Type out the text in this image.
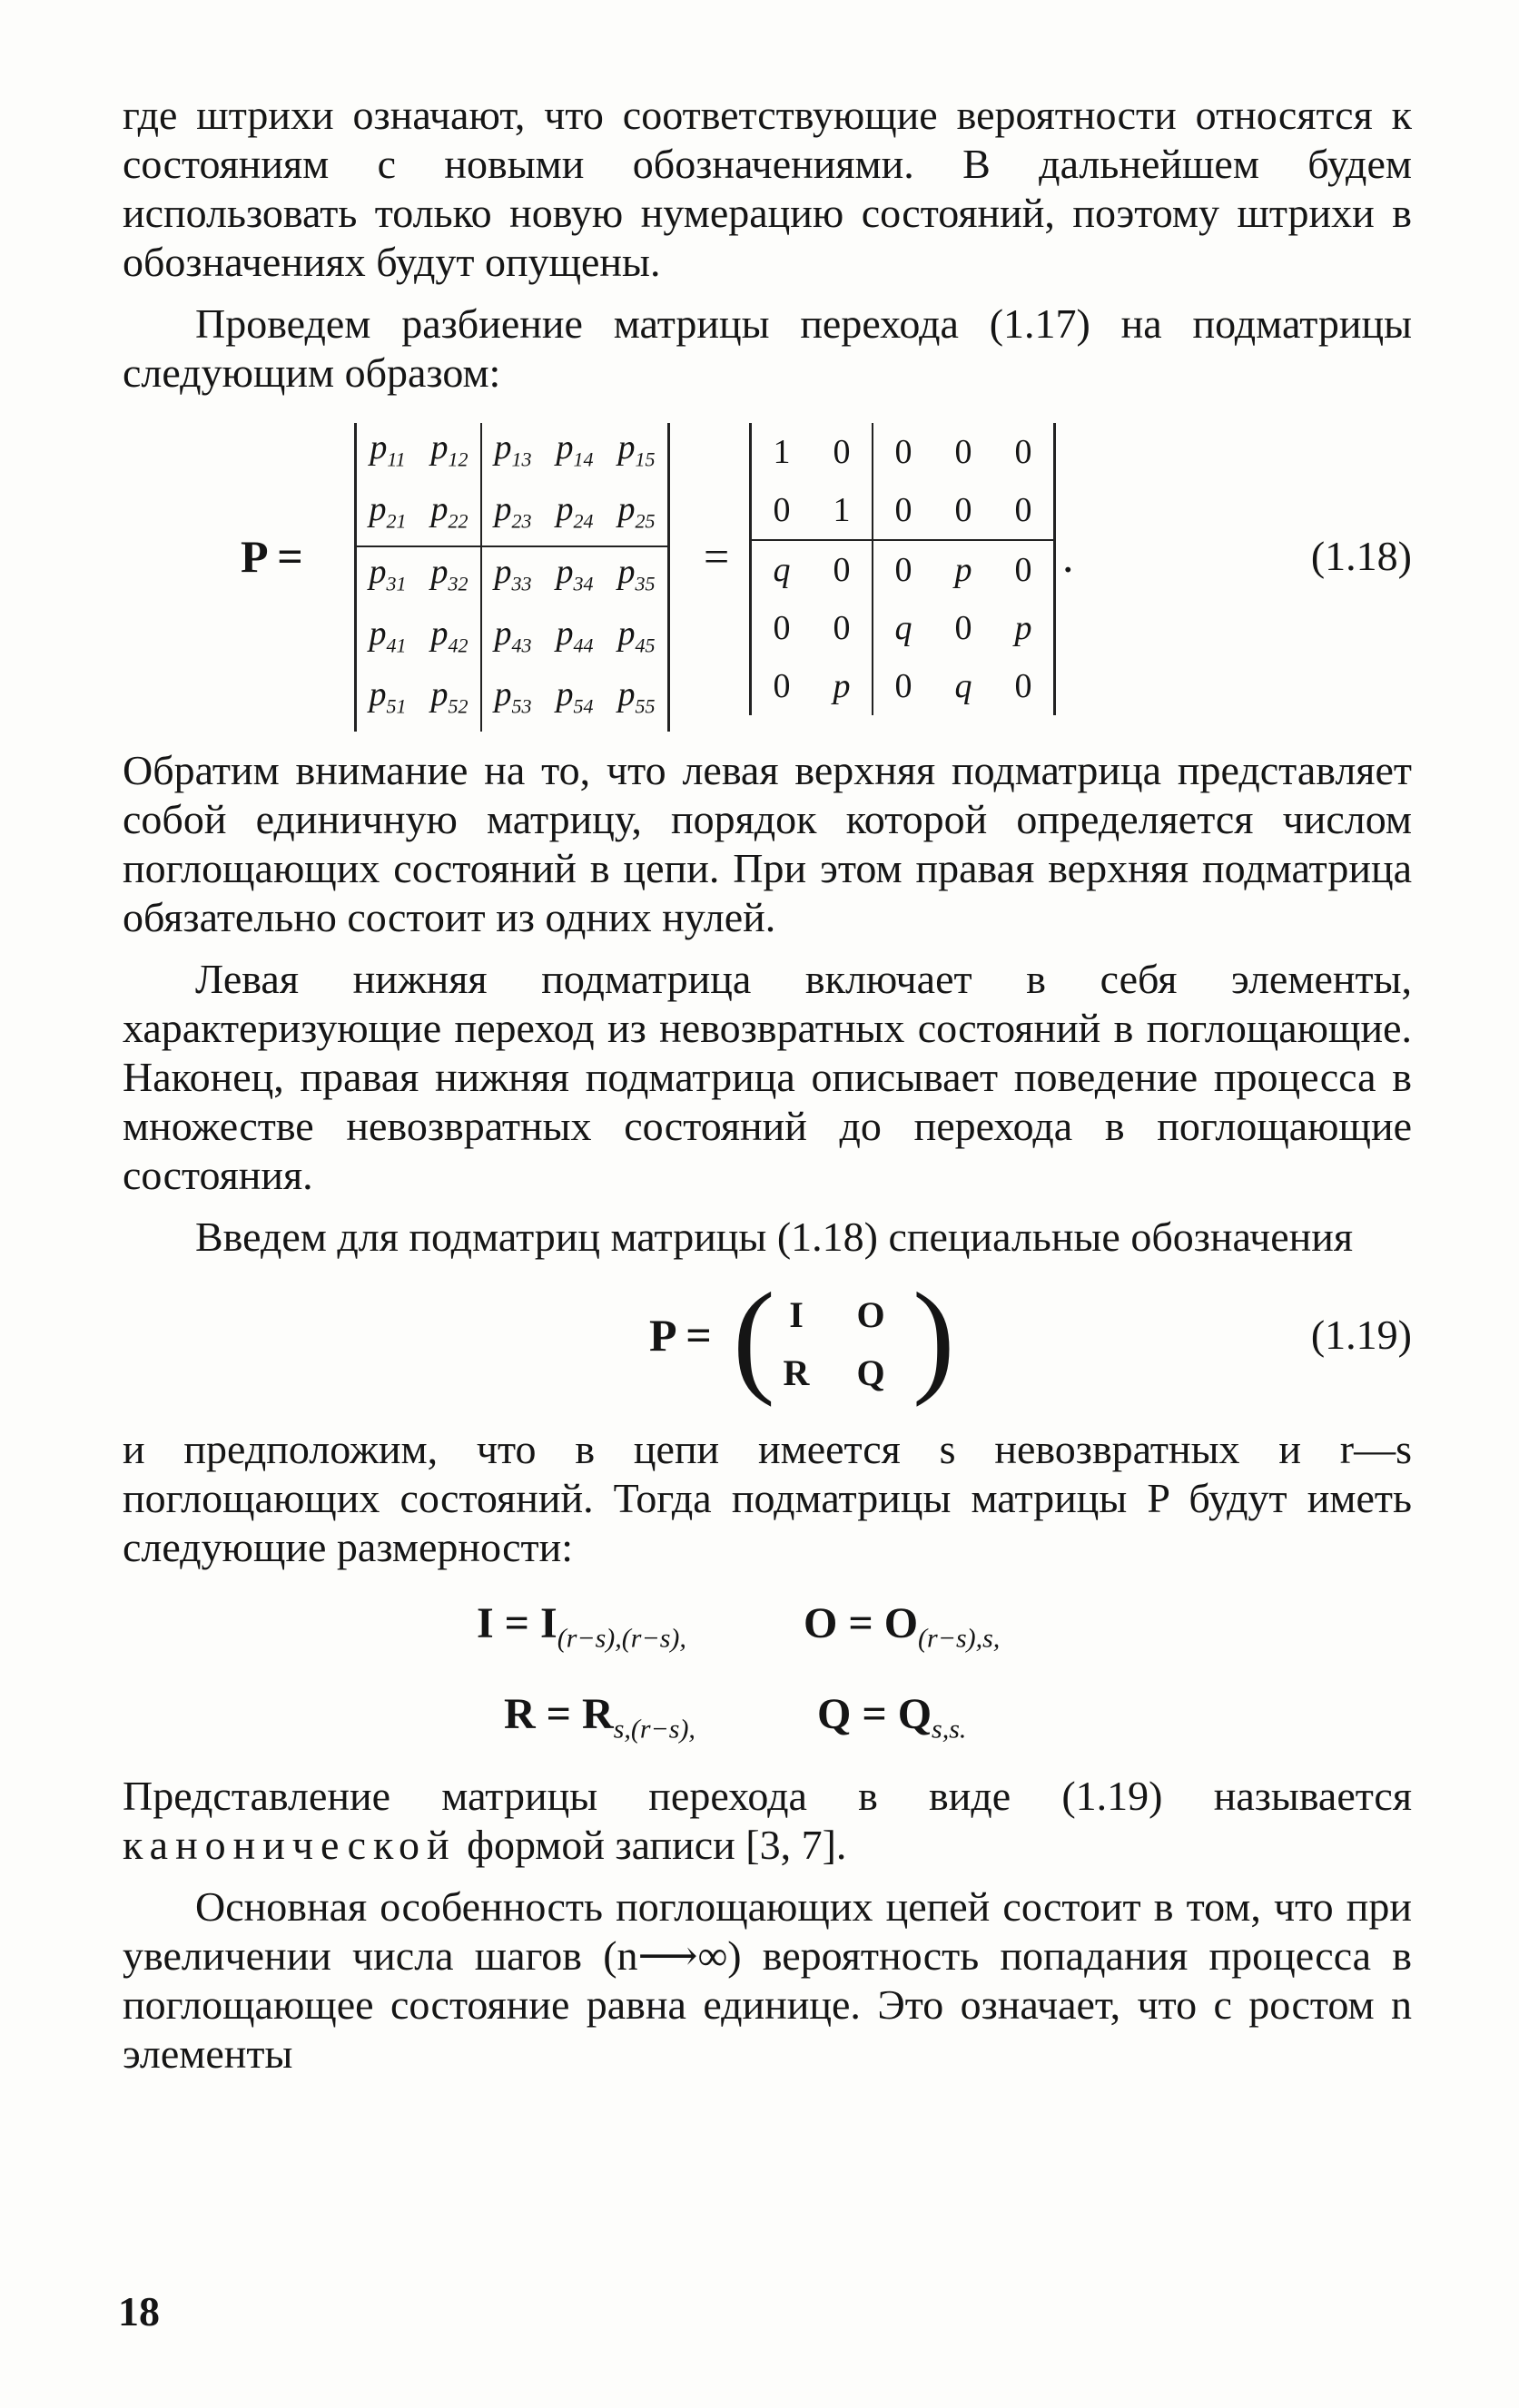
где штрихи означают, что соответствующие вероятности относятся к состояниям с новыми обозначениями. В дальнейшем будем использовать только новую нумерацию состояний, поэтому штрихи в обозначениях будут опущены.

Проведем разбиение матрицы перехода (1.17) на подматрицы следующим образом:

P =
$p_{11}$	$p_{12}$	$p_{13}$	$p_{14}$	$p_{15}$
$p_{21}$	$p_{22}$	$p_{23}$	$p_{24}$	$p_{25}$
$p_{31}$	$p_{32}$	$p_{33}$	$p_{34}$	$p_{35}$
$p_{41}$	$p_{42}$	$p_{43}$	$p_{44}$	$p_{45}$
$p_{51}$	$p_{52}$	$p_{53}$	$p_{54}$	$p_{55}$
=
1	0	0	0	0
0	1	0	0	0
q	0	0	p	0
0	0	q	0	p
0	p	0	q	0
.	(1.18)

Обратим внимание на то, что левая верхняя подматрица представляет собой единичную матрицу, порядок которой определяется числом поглощающих состояний в цепи. При этом правая верхняя подматрица обязательно состоит из одних нулей.

Левая нижняя подматрица включает в себя элементы, характеризующие переход из невозвратных состояний в поглощающие. Наконец, правая нижняя подматрица описывает поведение процесса в множестве невозвратных состояний до перехода в поглощающие состояния.

Введем для подматриц матрицы (1.18) специальные обозначения

P = ( I	O
R	Q )	(1.19)

и предположим, что в цепи имеется s невозвратных и r—s поглощающих состояний. Тогда подматрицы матрицы P будут иметь следующие размерности:

$I = I_{(r-s),(r-s),}$	$O = O_{(r-s),s,}$
$R = R_{s,(r-s),}$	$Q = Q_{s,s.}$

Представление матрицы перехода в виде (1.19) называется канонической формой записи [3, 7].

Основная особенность поглощающих цепей состоит в том, что при увеличении числа шагов (n⟶∞) вероятность попадания процесса в поглощающее состояние равна единице. Это означает, что с ростом n элементы

18
